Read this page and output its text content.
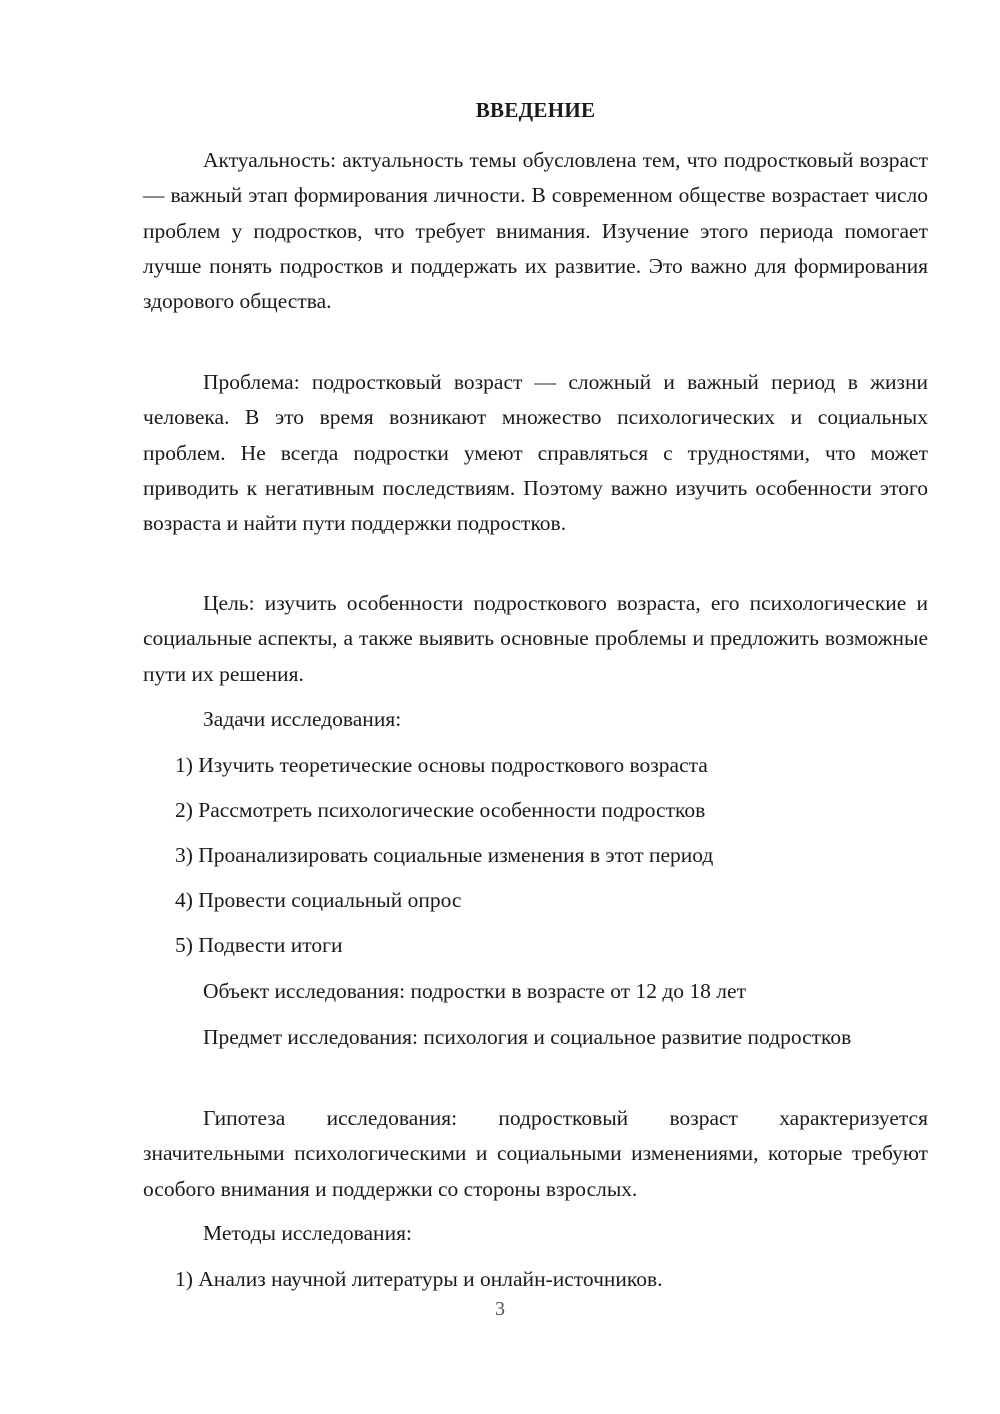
ВВЕДЕНИЕ
Актуальность: актуальность темы обусловлена тем, что подростковый возраст — важный этап формирования личности. В современном обществе возрастает число проблем у подростков, что требует внимания. Изучение этого периода помогает лучше понять подростков и поддержать их развитие. Это важно для формирования здорового общества.
Проблема: подростковый возраст — сложный и важный период в жизни человека. В это время возникают множество психологических и социальных проблем. Не всегда подростки умеют справляться с трудностями, что может приводить к негативным последствиям. Поэтому важно изучить особенности этого возраста и найти пути поддержки подростков.
Цель: изучить особенности подросткового возраста, его психологические и социальные аспекты, а также выявить основные проблемы и предложить возможные пути их решения.
Задачи исследования:
1) Изучить теоретические основы подросткового возраста
2) Рассмотреть психологические особенности подростков
3) Проанализировать социальные изменения в этот период
4) Провести социальный опрос
5) Подвести итоги
Объект исследования: подростки в возрасте от 12 до 18 лет
Предмет исследования: психология и социальное развитие подростков
Гипотеза исследования: подростковый возраст характеризуется значительными психологическими и социальными изменениями, которые требуют особого внимания и поддержки со стороны взрослых.
Методы исследования:
1) Анализ научной литературы и онлайн-источников.
3
